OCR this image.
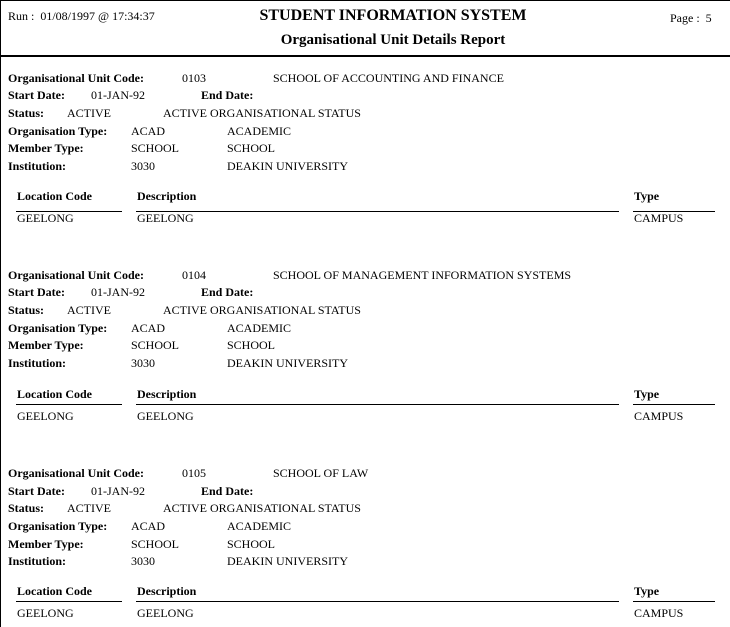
Run : 01/08/1997 @ 17:34:37	STUDENT INFORMATION SYSTEM
Organisational Unit Details Report
Page : 5
Organisational Unit Code:	0103	SCHOOL OF ACCOUNTING AND FINANCE
Start Date: 01-JAN-92	End Date:
Status: ACTIVE	ACTIVE ORGANISATIONAL STATUS
Organisation Type: ACAD	ACADEMIC
Member Type:	SCHOOL	SCHOOL
Institution:	3030	DEAKIN UNIVERSITY
Location Code	Description	Type
GEELONG	GEELONG	CAMPUS
Organisational Unit Code:	0104	SCHOOL OF MANAGEMENT INFORMATION SYSTEMS
Start Date: 01-JAN-92	End Date:
Status: ACTIVE	ACTIVE ORGANISATIONAL STATUS
Organisation Type: ACAD	ACADEMIC
Member Type:	SCHOOL	SCHOOL
Institution:	3030	DEAKIN UNIVERSITY
Location Code	Description	Type
GEELONG	GEELONG	CAMPUS
Organisational Unit Code:	0105	SCHOOL OF LAW
Start Date: 01-JAN-92	End Date:
Status: ACTIVE	ACTIVE ORGANISATIONAL STATUS
Organisation Type: ACAD	ACADEMIC
Member Type:	SCHOOL	SCHOOL
Institution:	3030	DEAKIN UNIVERSITY
Location Code	Description	Type
GEELONG	GEELONG	CAMPUS
